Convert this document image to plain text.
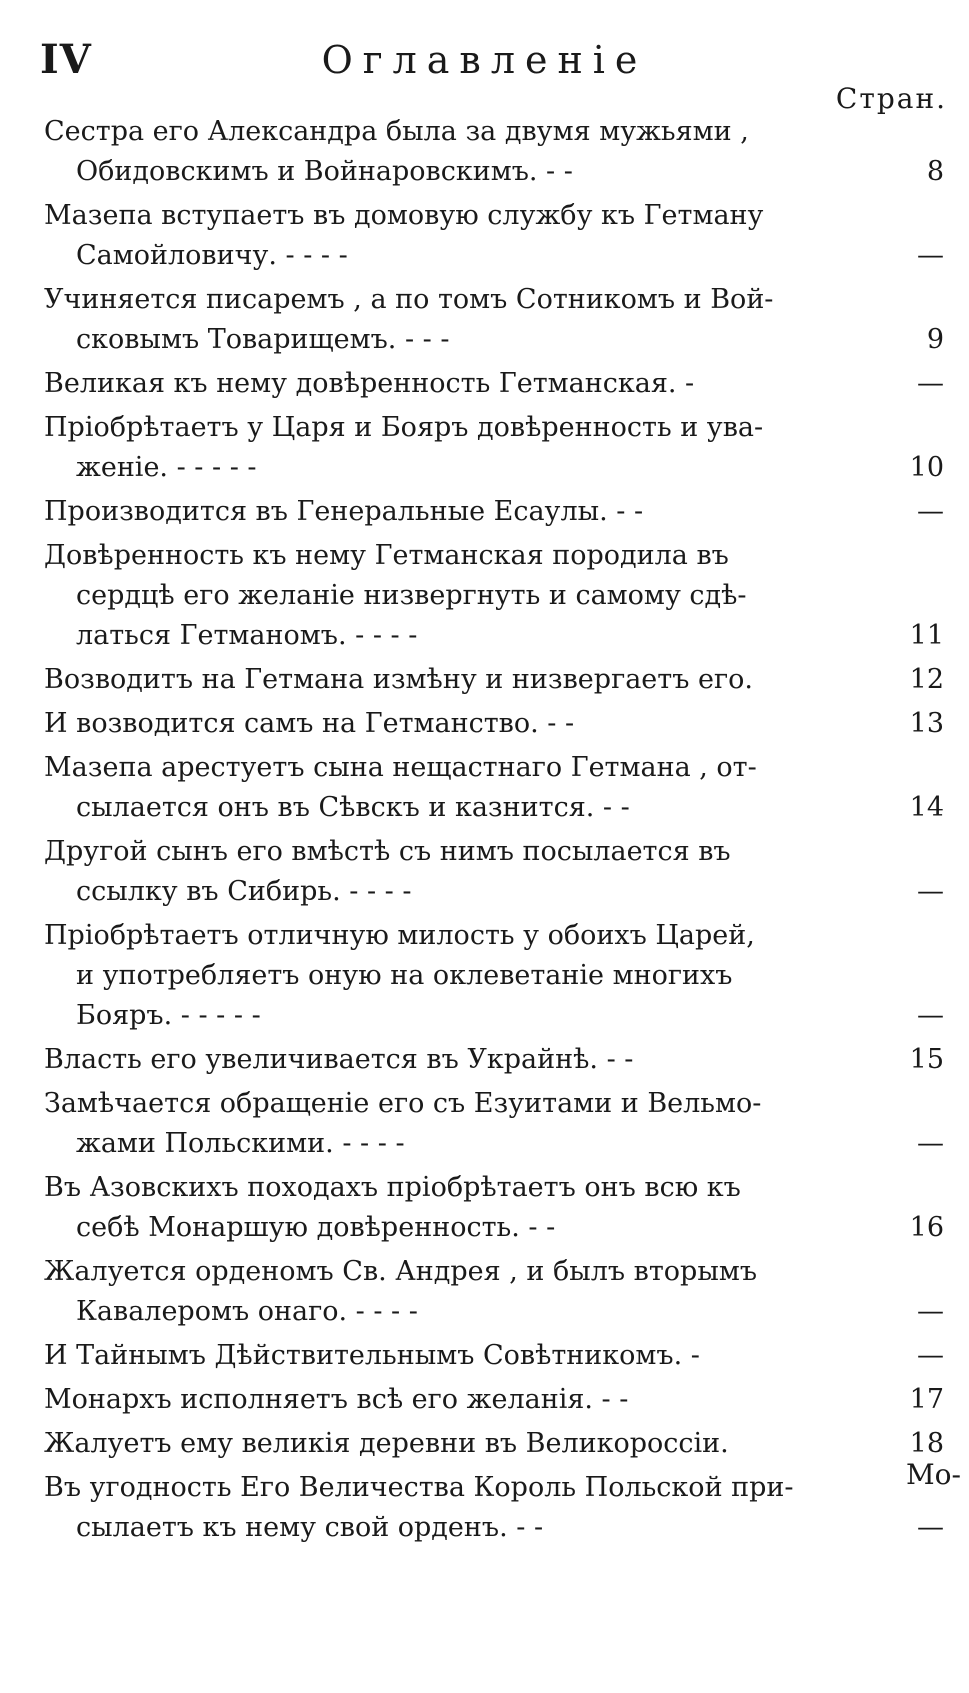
IV	Оглавленіе
Стран.
Сестра его Александра была за двумя мужьями ,
Обидовскимъ и Войнаровскимъ. - -	8
Мазепа вступаетъ въ домовую службу къ Гетману
Самойловичу. - - - -	—
Учиняется писаремъ , а по томъ Сотникомъ и Вой-
сковымъ Товарищемъ. - - -	9
Великая къ нему довѣренность Гетманская. -	—
Пріобрѣтаетъ у Царя и Бояръ довѣренность и ува-
женіе. - - - - -	10
Производится въ Генеральные Есаулы. - -	—
Довѣренность къ нему Гетманская породила въ
сердцѣ его желаніе низвергнуть и самому сдѣ-
латься Гетманомъ. - - - -	11
Возводитъ на Гетмана измѣну и низвергаетъ его.	12
И возводится самъ на Гетманство. - -	13
Мазепа арестуетъ сына нещастнаго Гетмана , от-
сылается онъ въ Сѣвскъ и казнится. - -	14
Другой сынъ его вмѣстѣ съ нимъ посылается въ
ссылку въ Сибирь. - - - -	—
Пріобрѣтаетъ отличную милость у обоихъ Царей,
и употребляетъ оную на оклеветаніе многихъ
Бояръ. - - - - -	—
Власть его увеличивается въ Украйнѣ. - -	15
Замѣчается обращеніе его съ Езуитами и Вельмо-
жами Польскими. - - - -	—
Въ Азовскихъ походахъ пріобрѣтаетъ онъ всю къ
себѣ Монаршую довѣренность. - -	16
Жалуется орденомъ Св. Андрея , и былъ вторымъ
Кавалеромъ онаго. - - - -	—
И Тайнымъ Дѣйствительнымъ Совѣтникомъ. -	—
Монархъ исполняетъ всѣ его желанія. - -	17
Жалуетъ ему великія деревни въ Великороссіи.	18
Въ угодность Его Величества Король Польской при-
сылаетъ къ нему свой орденъ. - -	—
Мо-
